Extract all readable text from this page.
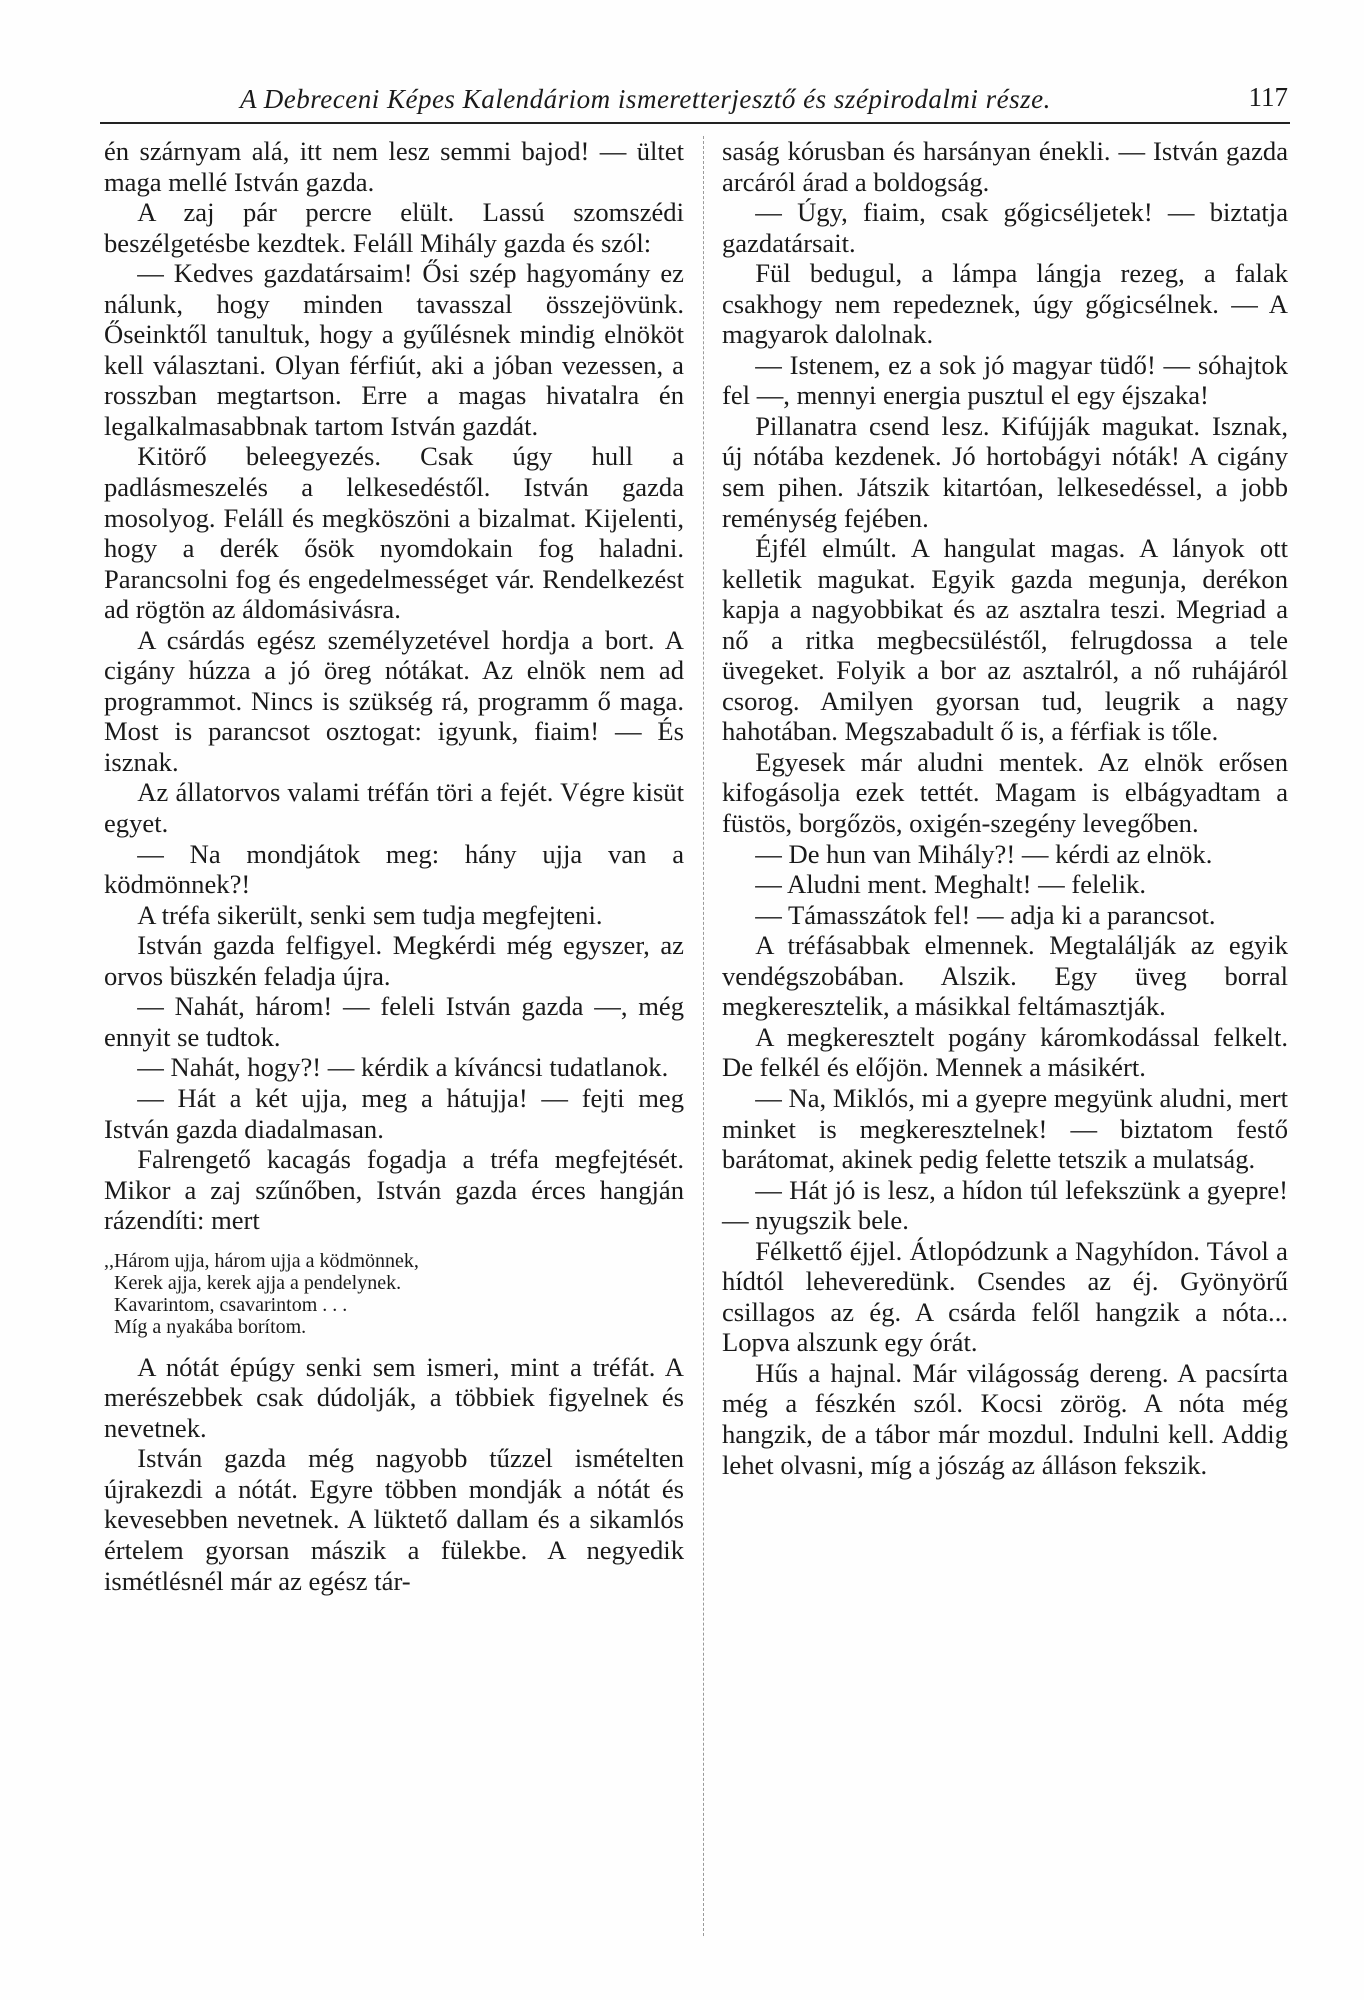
A Debreceni Képes Kalendáriom ismeretterjesztő és szépirodalmi része.	117

én szárnyam alá, itt nem lesz semmi bajod! — ültet maga mellé István gazda.

A zaj pár percre elült. Lassú szomszédi beszélgetésbe kezdtek. Feláll Mihály gazda és szól:

— Kedves gazdatársaim! Ősi szép hagyomány ez nálunk, hogy minden tavasszal összejövünk. Őseinktől tanultuk, hogy a gyűlésnek mindig elnököt kell választani. Olyan férfiút, aki a jóban vezessen, a rosszban megtartson. Erre a magas hivatalra én legalkalmasabbnak tartom István gazdát.

Kitörő beleegyezés. Csak úgy hull a padlásmeszelés a lelkesedéstől. István gazda mosolyog. Feláll és megköszöni a bizalmat. Kijelenti, hogy a derék ősök nyomdokain fog haladni. Parancsolni fog és engedelmességet vár. Rendelkezést ad rögtön az áldomásivásra.

A csárdás egész személyzetével hordja a bort. A cigány húzza a jó öreg nótákat. Az elnök nem ad programmot. Nincs is szükség rá, programm ő maga. Most is parancsot osztogat: igyunk, fiaim! — És isznak.

Az állatorvos valami tréfán töri a fejét. Végre kisüt egyet.

— Na mondjátok meg: hány ujja van a ködmönnek?!

A tréfa sikerült, senki sem tudja megfejteni.

István gazda felfigyel. Megkérdi még egyszer, az orvos büszkén feladja újra.

— Nahát, három! — feleli István gazda —, még ennyit se tudtok.

— Nahát, hogy?! — kérdik a kíváncsi tudatlanok.

— Hát a két ujja, meg a hátujja! — fejti meg István gazda diadalmasan.

Falrengető kacagás fogadja a tréfa megfejtését. Mikor a zaj szűnőben, István gazda érces hangján rázendíti: mert

,,Három ujja, három ujja a ködmönnek,
Kerek ajja, kerek ajja a pendelynek.
Kavarintom, csavarintom . . .
Míg a nyakába borítom.

A nótát épúgy senki sem ismeri, mint a tréfát. A merészebbek csak dúdolják, a többiek figyelnek és nevetnek.

István gazda még nagyobb tűzzel ismételten újrakezdi a nótát. Egyre többen mondják a nótát és kevesebben nevetnek. A lüktető dallam és a sikamlós értelem gyorsan mászik a fülekbe. A negyedik ismétlésnél már az egész tár-

saság kórusban és harsányan énekli. — István gazda arcáról árad a boldogság.

— Úgy, fiaim, csak gőgicséljetek! — biztatja gazdatársait.

Fül bedugul, a lámpa lángja rezeg, a falak csakhogy nem repedeznek, úgy gőgicsélnek. — A magyarok dalolnak.

— Istenem, ez a sok jó magyar tüdő! — sóhajtok fel —, mennyi energia pusztul el egy éjszaka!

Pillanatra csend lesz. Kifújják magukat. Isznak, új nótába kezdenek. Jó hortobágyi nóták! A cigány sem pihen. Játszik kitartóan, lelkesedéssel, a jobb reménység fejében.

Éjfél elmúlt. A hangulat magas. A lányok ott kelletik magukat. Egyik gazda megunja, derékon kapja a nagyobbikat és az asztalra teszi. Megriad a nő a ritka megbecsüléstől, felrugdossa a tele üvegeket. Folyik a bor az asztalról, a nő ruhájáról csorog. Amilyen gyorsan tud, leugrik a nagy hahotában. Megszabadult ő is, a férfiak is tőle.

Egyesek már aludni mentek. Az elnök erősen kifogásolja ezek tettét. Magam is elbágyadtam a füstös, borgőzös, oxigén-szegény levegőben.

— De hun van Mihály?! — kérdi az elnök.

— Aludni ment. Meghalt! — felelik.

— Támasszátok fel! — adja ki a parancsot.

A tréfásabbak elmennek. Megtalálják az egyik vendégszobában. Alszik. Egy üveg borral megkeresztelik, a másikkal feltámasztják.

A megkeresztelt pogány káromkodással felkelt. De felkél és előjön. Mennek a másikért.

— Na, Miklós, mi a gyepre megyünk aludni, mert minket is megkeresztelnek! — biztatom festő barátomat, akinek pedig felette tetszik a mulatság.

— Hát jó is lesz, a hídon túl lefekszünk a gyepre! — nyugszik bele.

Félkettő éjjel. Átlopódzunk a Nagyhídon. Távol a hídtól leheveredünk. Csendes az éj. Gyönyörű csillagos az ég. A csárda felől hangzik a nóta... Lopva alszunk egy órát.

Hűs a hajnal. Már világosság dereng. A pacsírta még a fészkén szól. Kocsi zörög. A nóta még hangzik, de a tábor már mozdul. Indulni kell. Addig lehet olvasni, míg a jószág az álláson fekszik.
